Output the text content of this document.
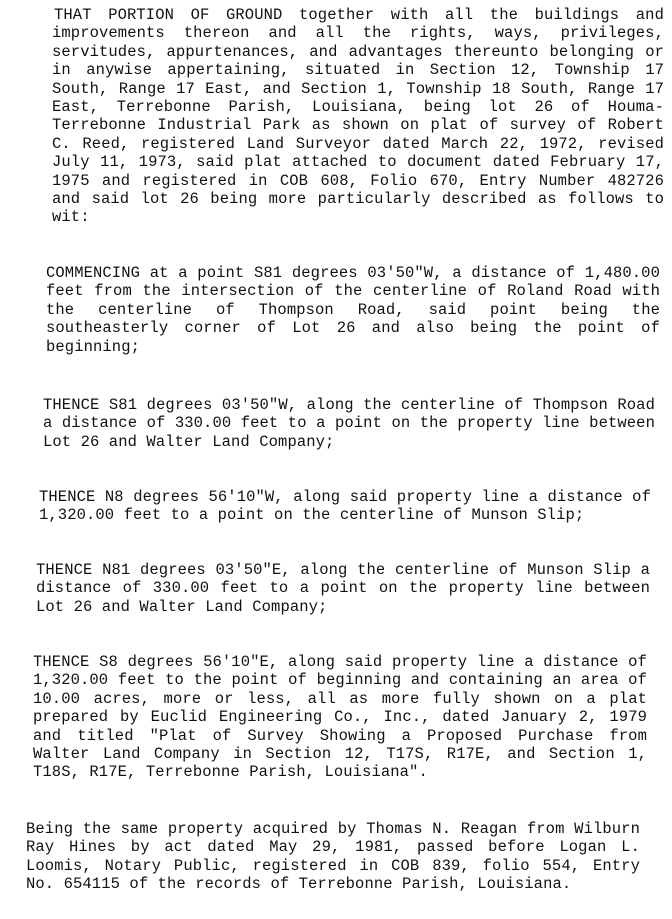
THAT PORTION OF GROUND together with all the buildings and improvements thereon and all the rights, ways, privileges, servitudes, appurtenances, and advantages thereunto belonging or in anywise appertaining, situated in Section 12, Township 17 South, Range 17 East, and Section 1, Township 18 South, Range 17 East, Terrebonne Parish, Louisiana, being lot 26 of Houma-Terrebonne Industrial Park as shown on plat of survey of Robert C. Reed, registered Land Surveyor dated March 22, 1972, revised July 11, 1973, said plat attached to document dated February 17, 1975 and registered in COB 608, Folio 670, Entry Number 482726 and said lot 26 being more particularly described as follows to wit:

COMMENCING at a point S81 degrees 03'50"W, a distance of 1,480.00 feet from the intersection of the centerline of Roland Road with the centerline of Thompson Road, said point being the southeasterly corner of Lot 26 and also being the point of beginning;

THENCE S81 degrees 03'50"W, along the centerline of Thompson Road a distance of 330.00 feet to a point on the property line between Lot 26 and Walter Land Company;

THENCE N8 degrees 56'10"W, along said property line a distance of 1,320.00 feet to a point on the centerline of Munson Slip;

THENCE N81 degrees 03'50"E, along the centerline of Munson Slip a distance of 330.00 feet to a point on the property line between Lot 26 and Walter Land Company;

THENCE S8 degrees 56'10"E, along said property line a distance of 1,320.00 feet to the point of beginning and containing an area of 10.00 acres, more or less, all as more fully shown on a plat prepared by Euclid Engineering Co., Inc., dated January 2, 1979 and titled "Plat of Survey Showing a Proposed Purchase from Walter Land Company in Section 12, T17S, R17E, and Section 1, T18S, R17E, Terrebonne Parish, Louisiana".

Being the same property acquired by Thomas N. Reagan from Wilburn Ray Hines by act dated May 29, 1981, passed before Logan L. Loomis, Notary Public, registered in COB 839, folio 554, Entry No. 654115 of the records of Terrebonne Parish, Louisiana.
